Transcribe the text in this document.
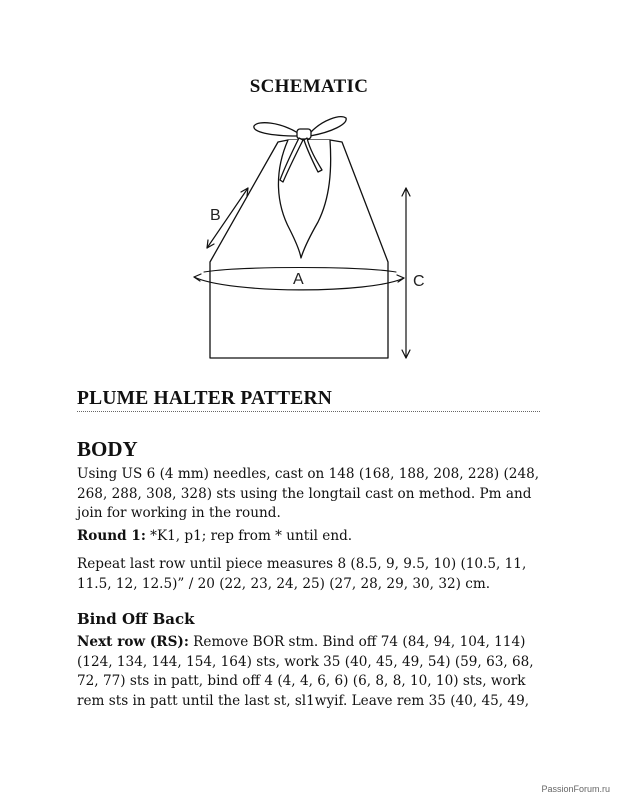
SCHEMATIC
A
B
C
PLUME HALTER PATTERN
BODY
Using US 6 (4 mm) needles, cast on 148 (168, 188, 208, 228) (248, 268, 288, 308, 328) sts using the longtail cast on method. Pm and join for working in the round.
Round 1: *K1, p1; rep from * until end.
Repeat last row until piece measures 8 (8.5, 9, 9.5, 10) (10.5, 11, 11.5, 12, 12.5)” / 20 (22, 23, 24, 25) (27, 28, 29, 30, 32) cm.
Bind Off Back
Next row (RS): Remove BOR stm. Bind off 74 (84, 94, 104, 114) (124, 134, 144, 154, 164) sts, work 35 (40, 45, 49, 54) (59, 63, 68, 72, 77) sts in patt, bind off 4 (4, 4, 6, 6) (6, 8, 8, 10, 10) sts, work rem sts in patt until the last st, sl1wyif. Leave rem 35 (40, 45, 49,
PassionForum.ru
